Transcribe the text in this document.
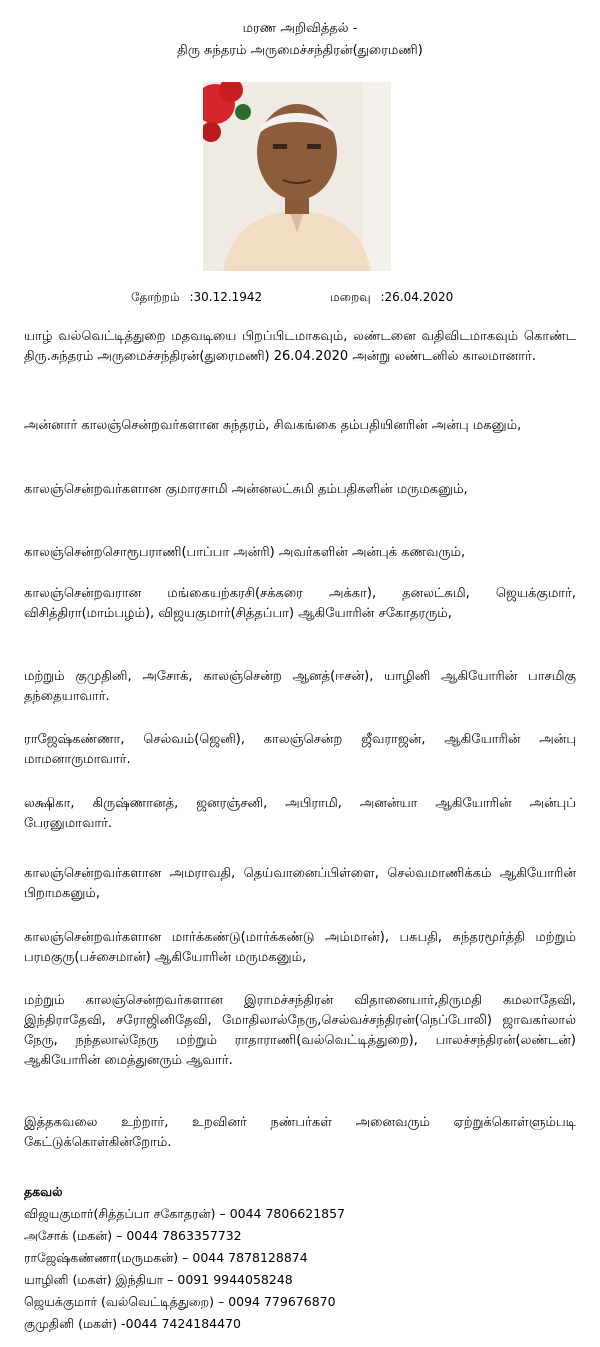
மரண அறிவித்தல் -
திரு சுந்தரம் அருமைச்சந்திரன்(துரைமணி)
தோற்றம் :30.12.1942	மறைவு :26.04.2020
யாழ் வல்வெட்டித்துறை மதவடியை பிறப்பிடமாகவும், லண்டனை வதிவிடமாகவும் கொண்ட திரு.சுந்தரம் அருமைச்சந்திரன்(துரைமணி) 26.04.2020 அன்று லண்டனில் காலமானார்.
அன்னார் காலஞ்சென்றவர்களான சுந்தரம், சிவகங்கை தம்பதியினரின் அன்பு மகனும்,
காலஞ்சென்றவர்களான குமாரசாமி அன்னலட்சுமி தம்பதிகளின் மருமகனும்,
காலஞ்சென்றசொரூபராணி(பாப்பா அன்ரி) அவர்களின் அன்புக் கணவரும்,
காலஞ்சென்றவரான மங்கையற்கரசி(சக்கரை அக்கா), தனலட்சுமி, ஜெயக்குமார், விசித்திரா(மாம்பழம்), விஜயகுமார்(சித்தப்பா) ஆகியோரின் சகோதரரும்,
மற்றும் குமுதினி, அசோக், காலஞ்சென்ற ஆனத்(ஈசன்), யாழினி ஆகியோரின் பாசமிகு தந்தையாவார்.
ராஜேஷ்கண்ணா, செல்வம்(ஜெனி), காலஞ்சென்ற ஜீவராஜன், ஆகியோரின் அன்பு மாமனாருமாவார்.
லக்ஷிகா, கிருஷ்ணானத், ஜனரஞ்சனி, அபிராமி, அனன்யா ஆகியோரின் அன்புப் பேரனுமாவார்.
காலஞ்சென்றவர்களான அமராவதி, தெய்வானைப்பிள்ளை, செல்வமாணிக்கம் ஆகியோரின் பிறாமகனும்,
காலஞ்சென்றவர்களான மார்க்கண்டு(மார்க்கண்டு அம்மான்), பசுபதி, சுந்தரமூர்த்தி மற்றும் பரமகுரு(பச்சைமான்) ஆகியோரின் மருமகனும்,
மற்றும் காலஞ்சென்றவர்களான இராமச்சந்திரன் விதானையார்,திருமதி கமலாதேவி, இந்திராதேவி, சரோஜினிதேவி, மோதிலால்நேரு,செல்வச்சந்திரன்(நெப்போலி) ஜாவகர்லால் நேரு, நந்தலால்நேரு மற்றும் ராதாராணி(வல்வெட்டித்துறை), பாலச்சந்திரன்(லண்டன்) ஆகியோரின் மைத்துனரும் ஆவார்.
இத்தகவலை உற்றார், உறவினர் நண்பர்கள் அனைவரும் ஏற்றுக்கொள்ளும்படி கேட்டுக்கொள்கின்றோம்.
தகவல்
விஜயகுமார்(சித்தப்பா சகோதரன்) – 0044 7806621857
அசோக் (மகன்) – 0044 7863357732
ராஜேஷ்கண்ணா(மருமகன்) – 0044 7878128874
யாழினி (மகள்) இந்தியா – 0091 9944058248
ஜெயக்குமார் (வல்வெட்டித்துறை) – 0094 779676870
குமுதினி (மகள்) -0044 7424184470
